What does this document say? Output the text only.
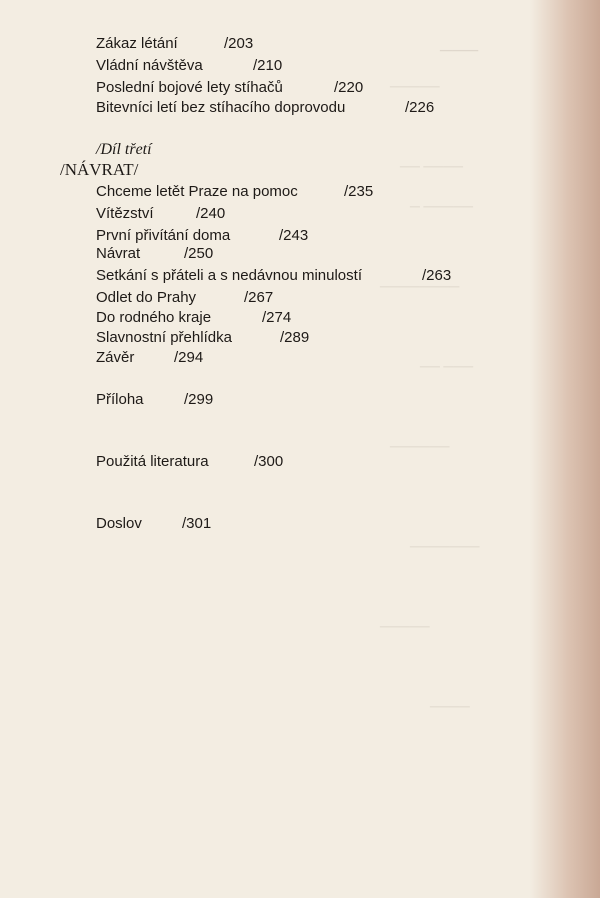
───
─────
──── ──
───── ─
────────
─── ──
──────
───────
─────
────
Zákaz létání	/203
Vládní návštěva	/210
Poslední bojové lety stíhačů	/220
Bitevníci letí bez stíhacího doprovodu	/226
/Díl třetí
/NÁVRAT/
Chceme letět Praze na pomoc	/235
Vítězství	/240
První přivítání doma	/243
Návrat	/250
Setkání s přáteli a s nedávnou minulostí	/263
Odlet do Prahy	/267
Do rodného kraje	/274
Slavnostní přehlídka	/289
Závěr	/294
Příloha	/299
Použitá literatura	/300
Doslov	/301
